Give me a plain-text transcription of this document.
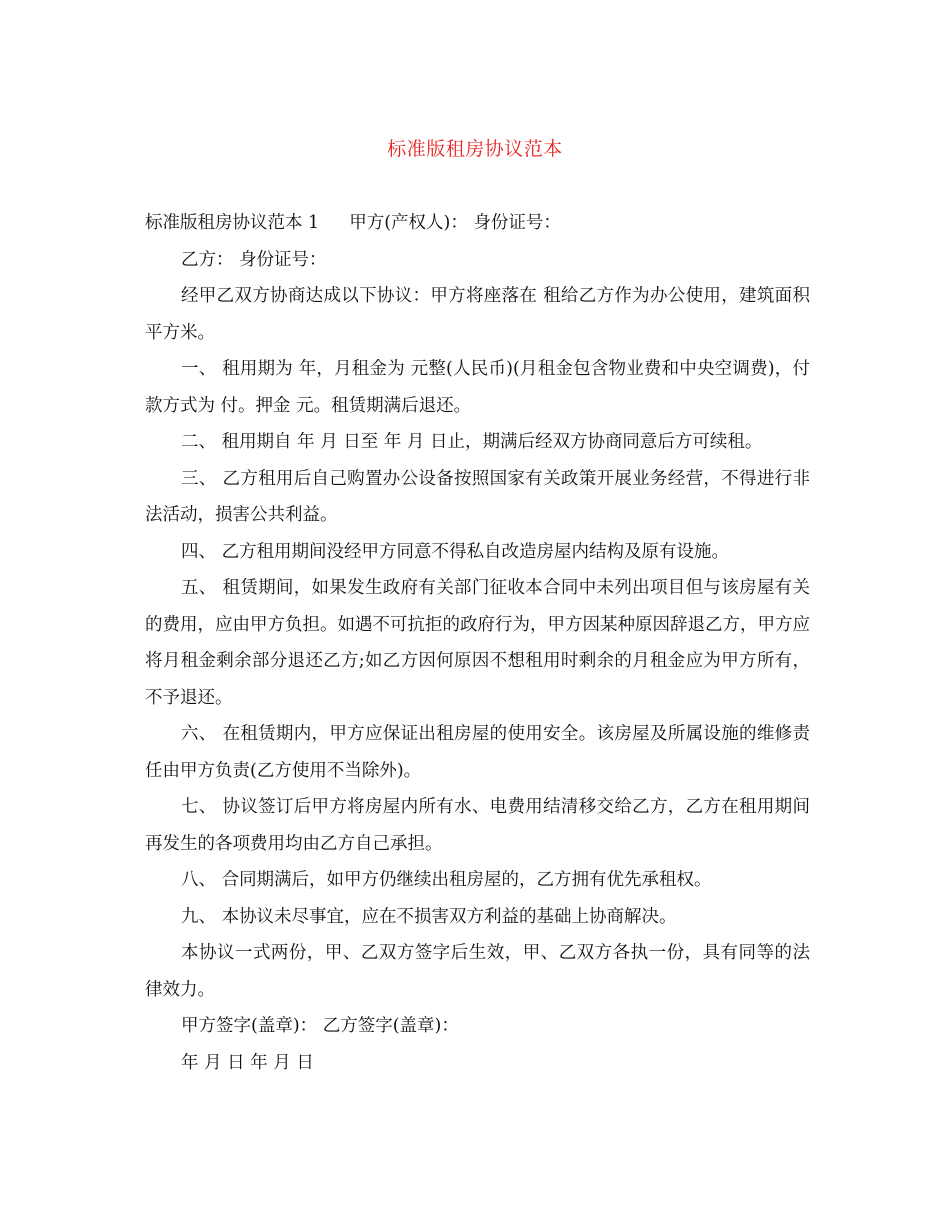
标准版租房协议范本

标准版租房协议范本 1 甲方(产权人)： 身份证号：

乙方： 身份证号：

经甲乙双方协商达成以下协议：甲方将座落在 租给乙方作为办公使用，建筑面积 平方米。

一、 租用期为 年，月租金为 元整(人民币)(月租金包含物业费和中央空调费)，付款方式为 付。押金 元。租赁期满后退还。

二、 租用期自 年 月 日至 年 月 日止，期满后经双方协商同意后方可续租。

三、 乙方租用后自己购置办公设备按照国家有关政策开展业务经营，不得进行非法活动，损害公共利益。

四、 乙方租用期间没经甲方同意不得私自改造房屋内结构及原有设施。

五、 租赁期间，如果发生政府有关部门征收本合同中未列出项目但与该房屋有关的费用，应由甲方负担。如遇不可抗拒的政府行为，甲方因某种原因辞退乙方，甲方应将月租金剩余部分退还乙方;如乙方因何原因不想租用时剩余的月租金应为甲方所有，不予退还。

六、 在租赁期内，甲方应保证出租房屋的使用安全。该房屋及所属设施的维修责任由甲方负责(乙方使用不当除外)。

七、 协议签订后甲方将房屋内所有水、电费用结清移交给乙方，乙方在租用期间再发生的各项费用均由乙方自己承担。

八、 合同期满后，如甲方仍继续出租房屋的，乙方拥有优先承租权。

九、 本协议未尽事宜，应在不损害双方利益的基础上协商解决。

本协议一式两份，甲、乙双方签字后生效，甲、乙双方各执一份，具有同等的法律效力。

甲方签字(盖章)： 乙方签字(盖章)：

年 月 日 年 月 日
